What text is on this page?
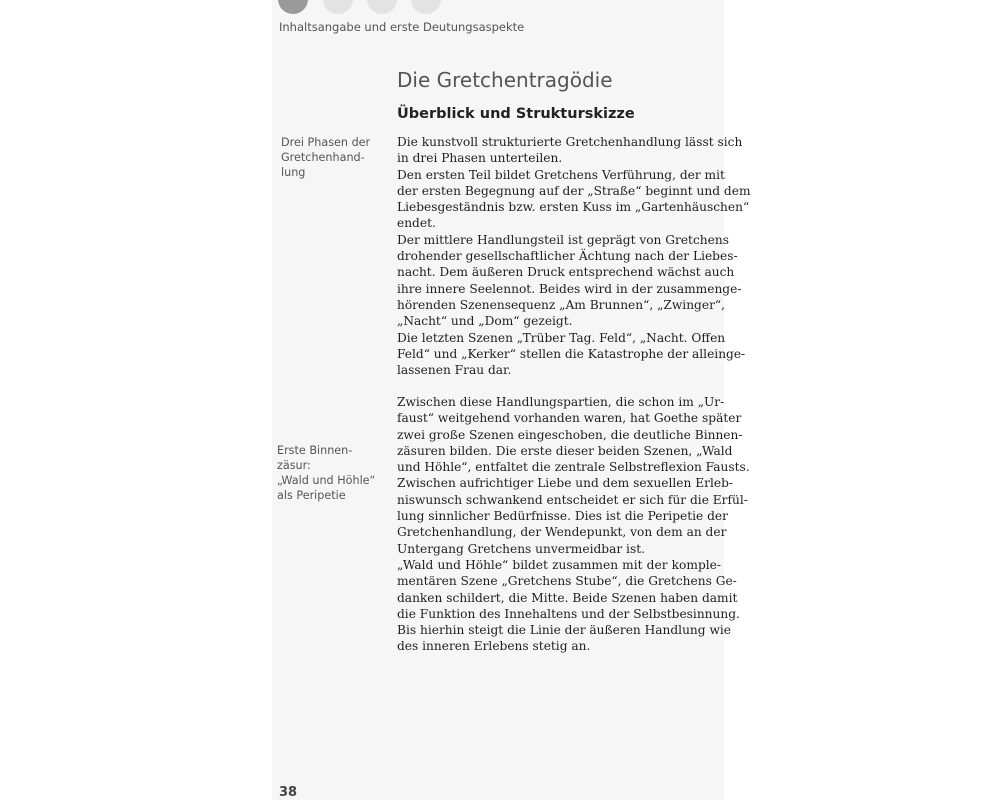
Inhaltsangabe und erste Deutungsaspekte
Die Gretchentragödie
Überblick und Strukturskizze
Drei Phasen der
Gretchenhand-
lung
Erste Binnen-
zäsur:
„Wald und Höhle“
als Peripetie
Die kunstvoll strukturierte Gretchenhandlung lässt sich
in drei Phasen unterteilen.
Den ersten Teil bildet Gretchens Verführung, der mit
der ersten Begegnung auf der „Straße“ beginnt und dem
Liebesgeständnis bzw. ersten Kuss im „Gartenhäuschen“
endet.
Der mittlere Handlungsteil ist geprägt von Gretchens
drohender gesellschaftlicher Ächtung nach der Liebes-
nacht. Dem äußeren Druck entsprechend wächst auch
ihre innere Seelennot. Beides wird in der zusammenge-
hörenden Szenensequenz „Am Brunnen“, „Zwinger“,
„Nacht“ und „Dom“ gezeigt.
Die letzten Szenen „Trüber Tag. Feld“, „Nacht. Offen
Feld“ und „Kerker“ stellen die Katastrophe der alleinge-
lassenen Frau dar.
Zwischen diese Handlungspartien, die schon im „Ur-
faust“ weitgehend vorhanden waren, hat Goethe später
zwei große Szenen eingeschoben, die deutliche Binnen-
zäsuren bilden. Die erste dieser beiden Szenen, „Wald
und Höhle“, entfaltet die zentrale Selbstreflexion Fausts.
Zwischen aufrichtiger Liebe und dem sexuellen Erleb-
niswunsch schwankend entscheidet er sich für die Erfül-
lung sinnlicher Bedürfnisse. Dies ist die Peripetie der
Gretchenhandlung, der Wendepunkt, von dem an der
Untergang Gretchens unvermeidbar ist.
„Wald und Höhle“ bildet zusammen mit der komple-
mentären Szene „Gretchens Stube“, die Gretchens Ge-
danken schildert, die Mitte. Beide Szenen haben damit
die Funktion des Innehaltens und der Selbstbesinnung.
Bis hierhin steigt die Linie der äußeren Handlung wie
des inneren Erlebens stetig an.
38
